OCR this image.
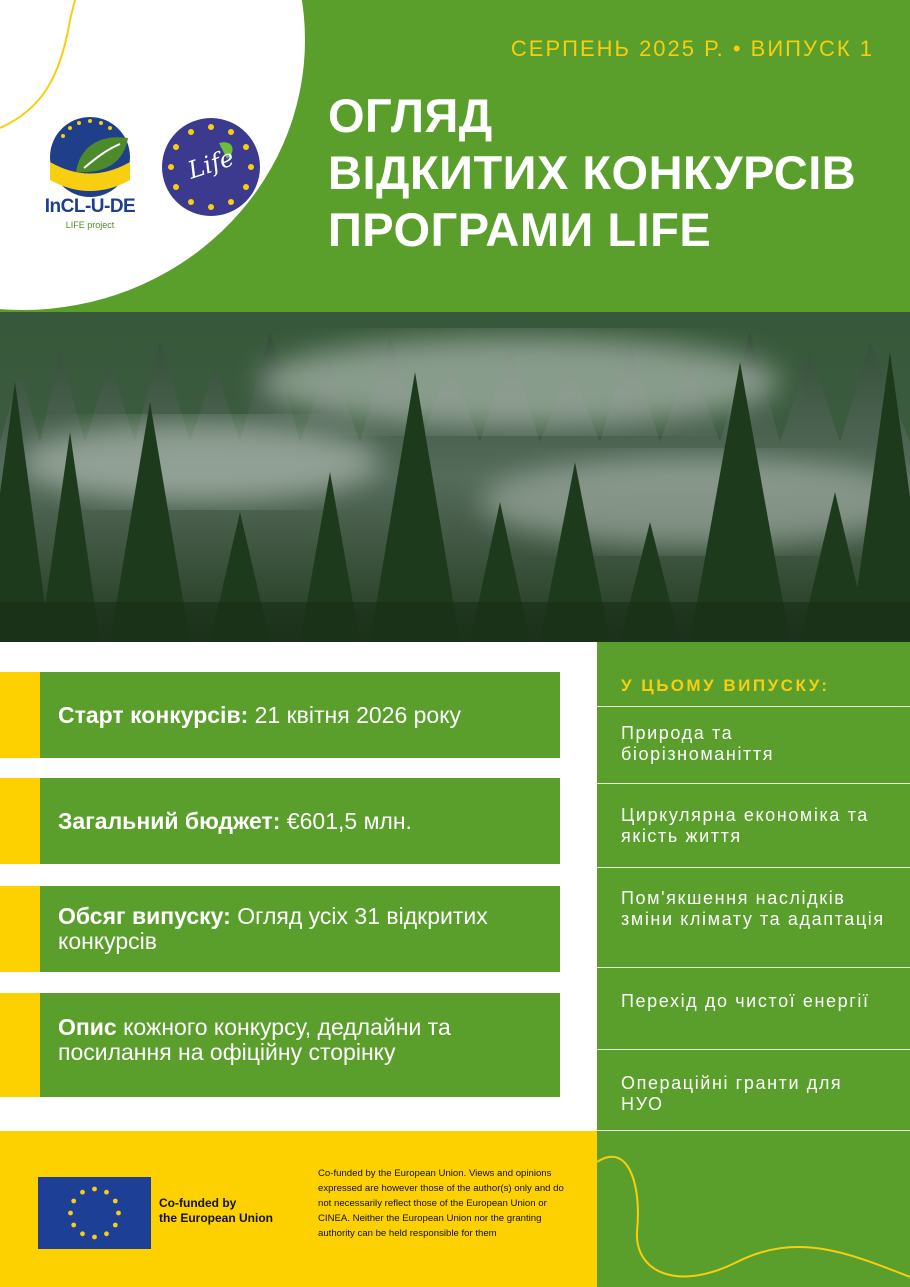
СЕРПЕНЬ 2025 Р. • ВИПУСК 1
ОГЛЯД
ВІДКИТИХ КОНКУРСІВ
ПРОГРАМИ LIFE
InCL-U-DE
LIFE project
Life
Старт конкурсів: 21 квітня 2026 року
Загальний бюджет: €601,5 млн.
Обсяг випуску: Огляд усіх 31 відкритих конкурсів
Опис кожного конкурсу, дедлайни та посилання на офіційну сторінку
У ЦЬОМУ ВИПУСКУ:
Природа та біорізноманіття
Циркулярна економіка та якість життя
Пом'якшення наслідків зміни клімату та адаптація
Перехід до чистої енергії
Операційні гранти для НУО
Co-funded by
the European Union
Co-funded by the European Union. Views and opinions expressed are however those of the author(s) only and do not necessarily reflect those of the European Union or CINEA. Neither the European Union nor the granting authority can be held responsible for them
